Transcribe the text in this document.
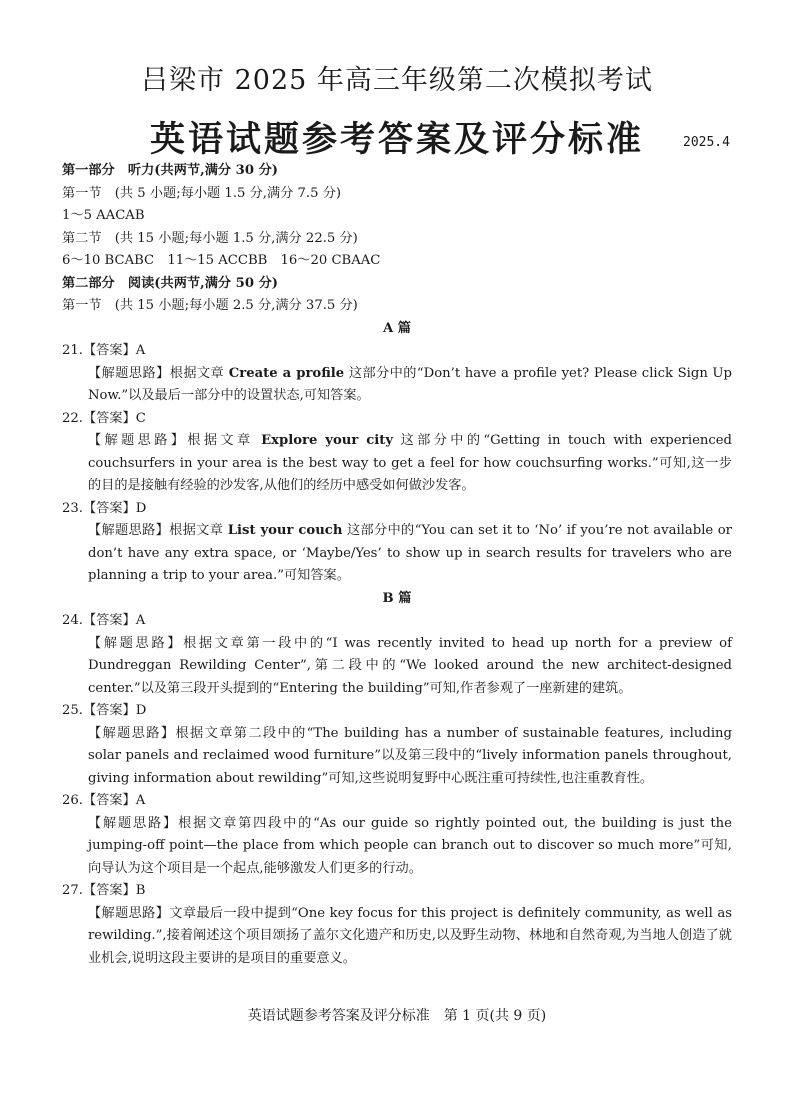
吕梁市 2025 年高三年级第二次模拟考试
英语试题参考答案及评分标准	2025.4
第一部分　听力(共两节,满分 30 分)
第一节　(共 5 小题;每小题 1.5 分,满分 7.5 分)
1～5 AACAB
第二节　(共 15 小题;每小题 1.5 分,满分 22.5 分)
6～10 BCABC　11～15 ACCBB　16～20 CBAAC
第二部分　阅读(共两节,满分 50 分)
第一节　(共 15 小题;每小题 2.5 分,满分 37.5 分)
A 篇
21.【答案】A
【解题思路】根据文章 Create a profile 这部分中的“Don’t have a profile yet? Please click Sign Up Now.”以及最后一部分中的设置状态,可知答案。
22.【答案】C
【解题思路】根据文章 Explore your city 这部分中的“Getting in touch with experienced couchsurfers in your area is the best way to get a feel for how couchsurfing works.”可知,这一步的目的是接触有经验的沙发客,从他们的经历中感受如何做沙发客。
23.【答案】D
【解题思路】根据文章 List your couch 这部分中的“You can set it to ‘No’ if you’re not available or don’t have any extra space, or ‘Maybe/Yes’ to show up in search results for travelers who are planning a trip to your area.”可知答案。
B 篇
24.【答案】A
【解题思路】根据文章第一段中的“I was recently invited to head up north for a preview of Dundreggan Rewilding Center”,第二段中的“We looked around the new architect-designed center.”以及第三段开头提到的“Entering the building”可知,作者参观了一座新建的建筑。
25.【答案】D
【解题思路】根据文章第二段中的“The building has a number of sustainable features, including solar panels and reclaimed wood furniture”以及第三段中的“lively information panels throughout, giving information about rewilding”可知,这些说明复野中心既注重可持续性,也注重教育性。
26.【答案】A
【解题思路】根据文章第四段中的“As our guide so rightly pointed out, the building is just the jumping-off point—the place from which people can branch out to discover so much more”可知,向导认为这个项目是一个起点,能够激发人们更多的行动。
27.【答案】B
【解题思路】文章最后一段中提到“One key focus for this project is definitely community, as well as rewilding.”,接着阐述这个项目颂扬了盖尔文化遗产和历史,以及野生动物、林地和自然奇观,为当地人创造了就业机会,说明这段主要讲的是项目的重要意义。
英语试题参考答案及评分标准　第 1 页(共 9 页)
